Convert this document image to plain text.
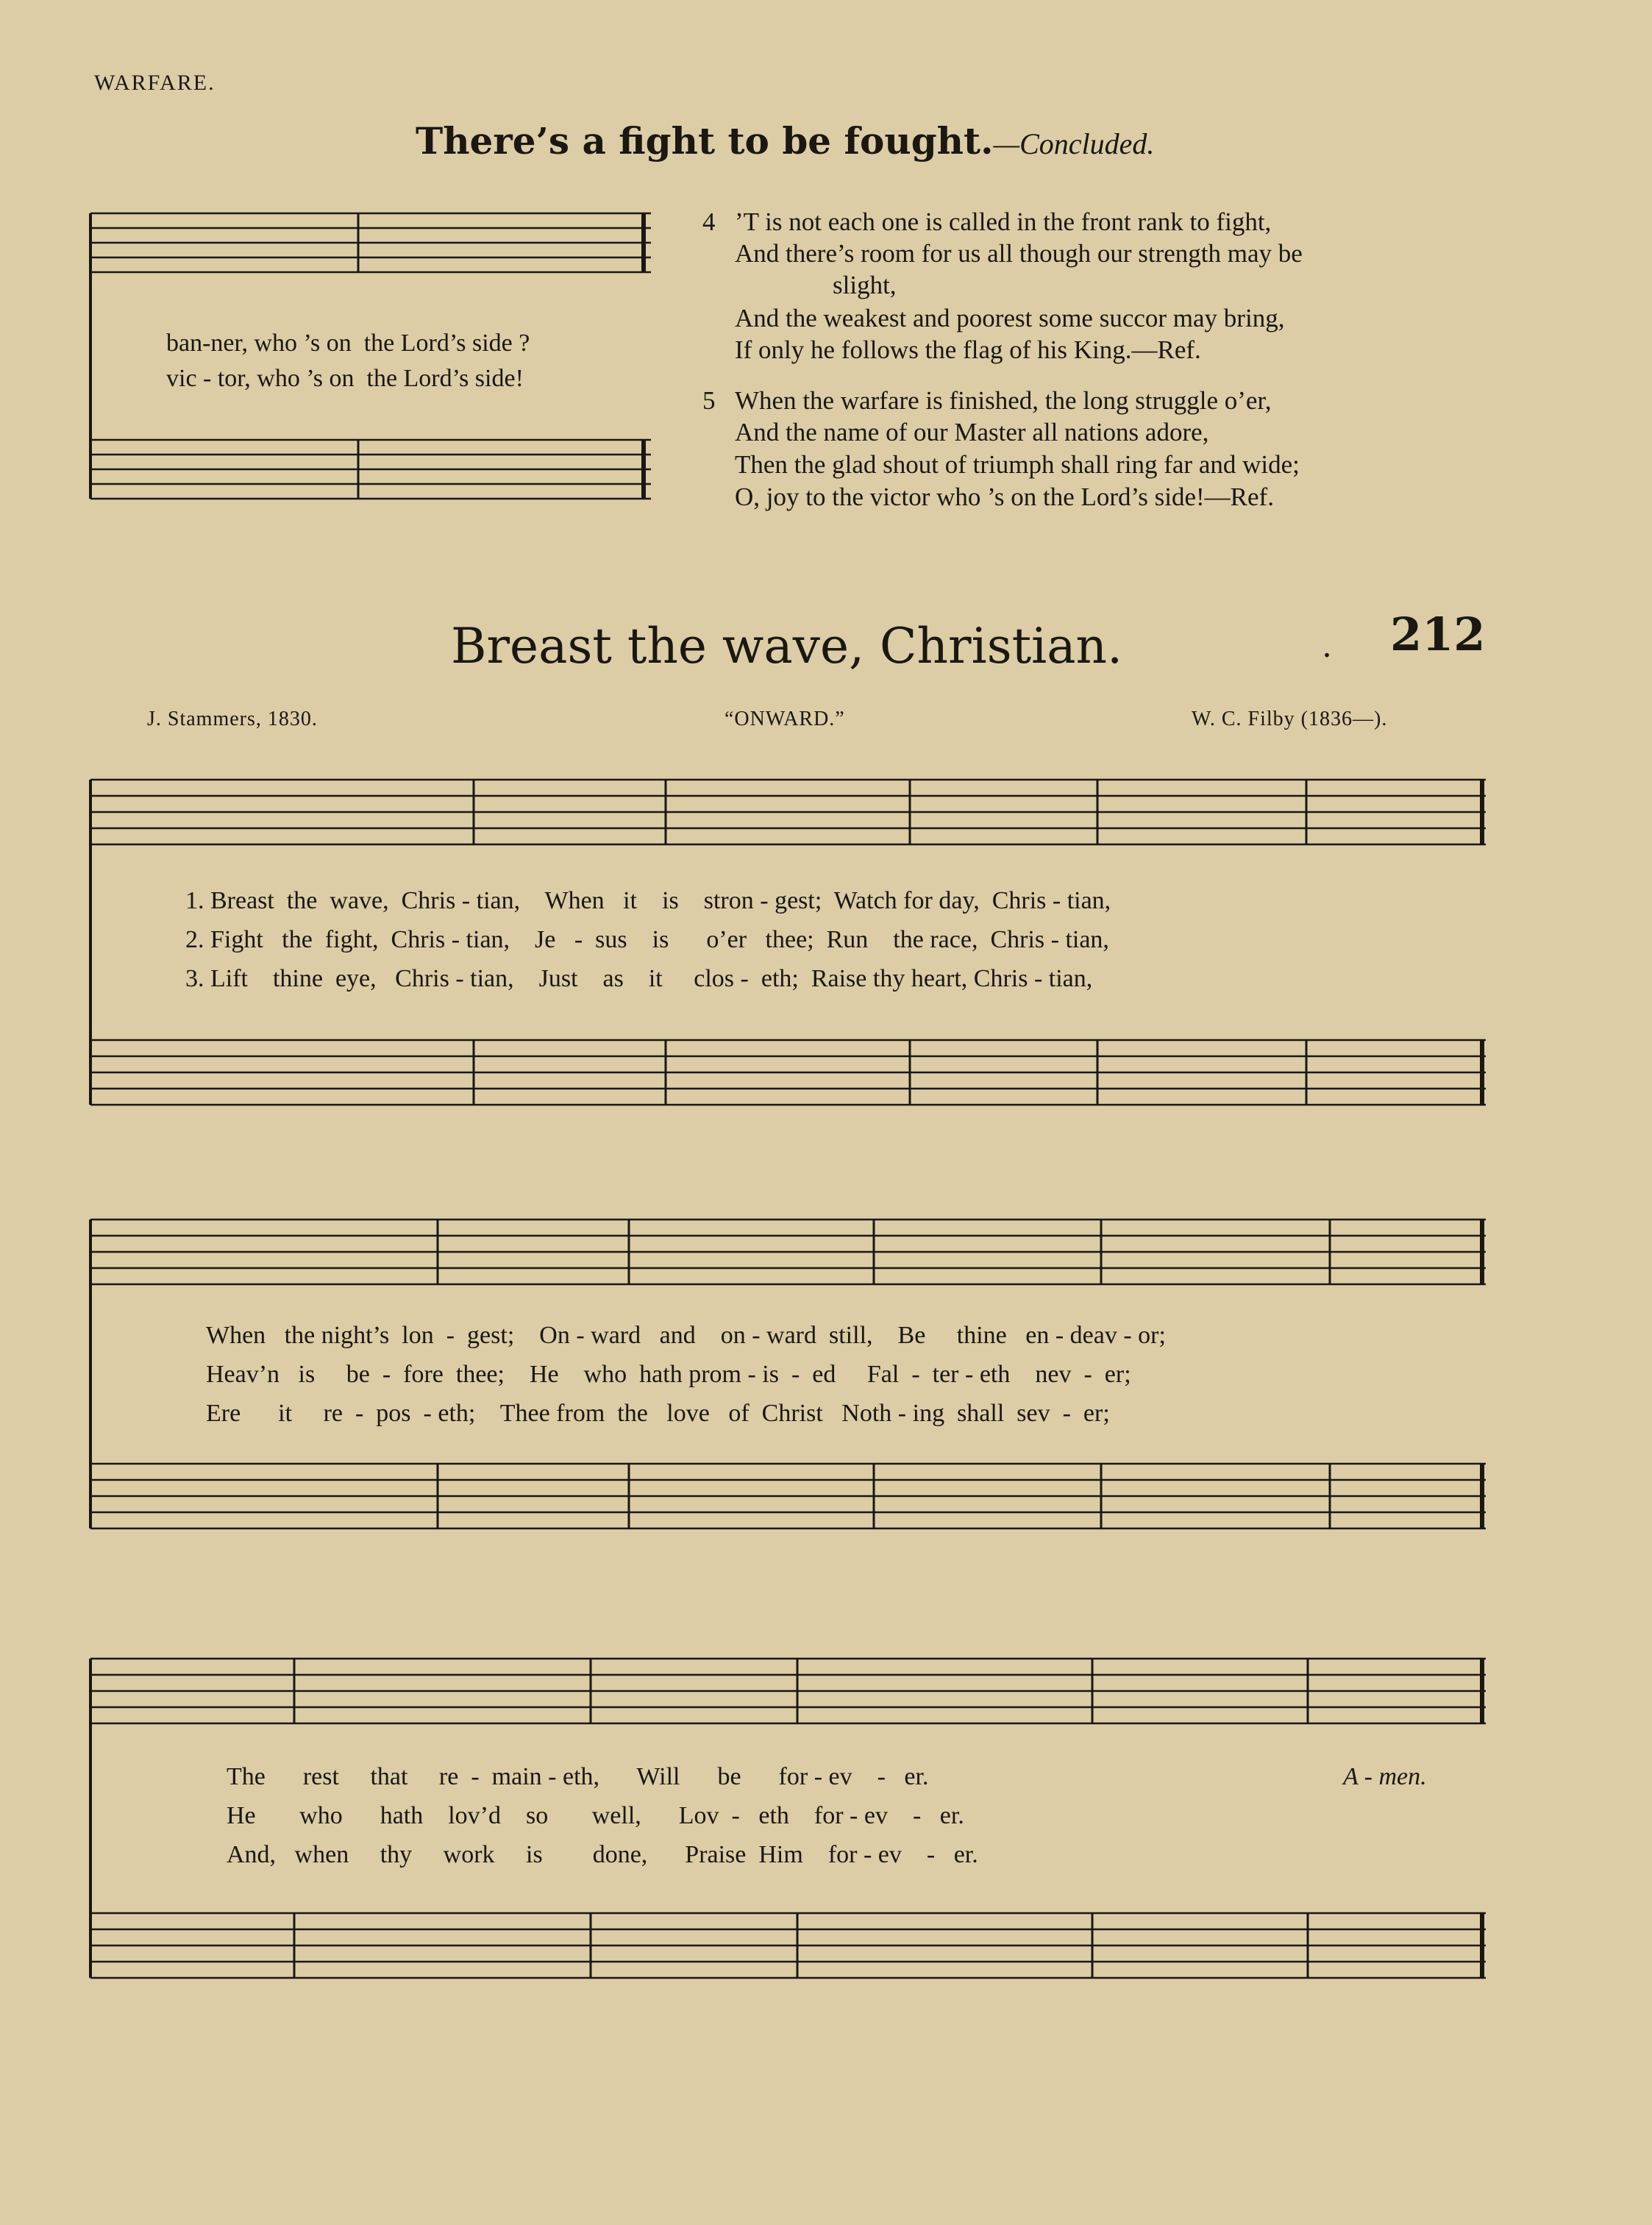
WARFARE.
There’s a fight to be fought.—Concluded.
ban-ner, who ’s on  the Lord’s side ?
vic - tor, who ’s on  the Lord’s side!
4 ’T is not each one is called in the front rank to fight,
And there’s room for us all though our strength may be
slight,
And the weakest and poorest some succor may bring,
If only he follows the flag of his King.—Ref.
5 When the warfare is finished, the long struggle o’er,
And the name of our Master all nations adore,
Then the glad shout of triumph shall ring far and wide;
O, joy to the victor who ’s on the Lord’s side!—Ref.
Breast the wave, Christian.	. 212
J. Stammers, 1830.	“ONWARD.”	W. C. Filby (1836—).
1. Breast  the  wave,  Chris - tian,    When   it    is    stron - gest;  Watch for day,  Chris - tian,
2. Fight   the  fight,  Chris - tian,    Je   -  sus    is      o’er   thee;  Run    the race,  Chris - tian,
3. Lift    thine  eye,   Chris - tian,    Just    as    it     clos -  eth;  Raise thy heart, Chris - tian,
When   the night’s  lon  -  gest;    On - ward   and    on - ward  still,    Be     thine   en - deav - or;
Heav’n   is     be  -  fore  thee;    He    who  hath prom - is  -  ed     Fal  -  ter - eth    nev  -  er;
Ere      it     re  -  pos  - eth;    Thee from  the   love   of  Christ   Noth - ing  shall  sev  -  er;
The      rest     that     re  -  main - eth,      Will      be      for - ev    -   er.
He       who      hath    lov’d    so       well,      Lov  -   eth    for - ev    -   er.
And,   when     thy     work     is        done,      Praise  Him    for - ev    -   er.
A - men.
